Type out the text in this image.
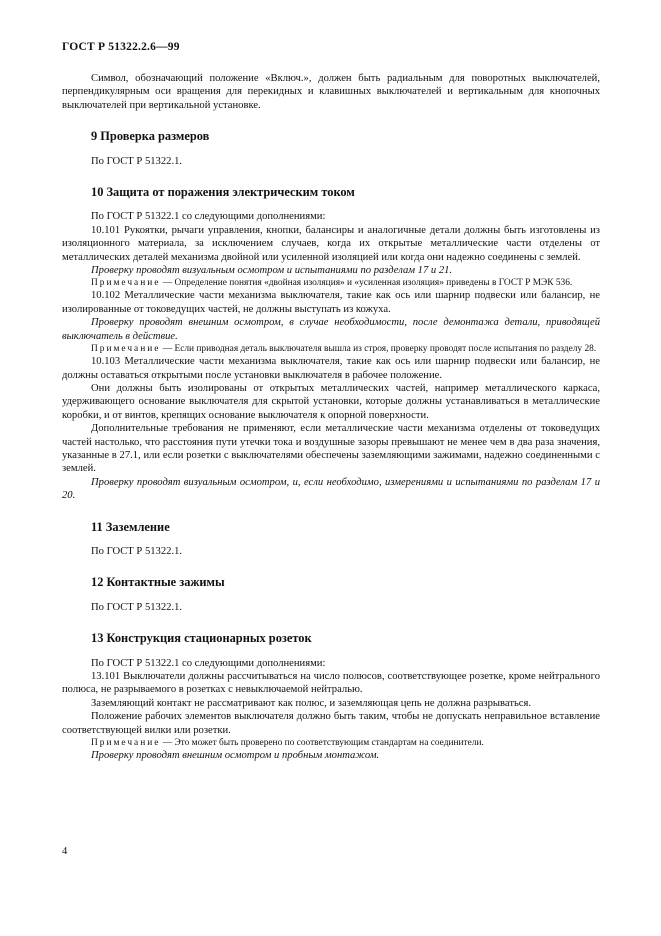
ГОСТ Р 51322.2.6—99

Символ, обозначающий положение «Включ.», должен быть радиальным для поворотных выключателей, перпендикулярным оси вращения для перекидных и клавишных выключателей и вертикальным для кнопочных выключателей при вертикальной установке.

9 Проверка размеров

По ГОСТ Р 51322.1.

10 Защита от поражения электрическим током

По ГОСТ Р 51322.1 со следующими дополнениями:

10.101 Рукоятки, рычаги управления, кнопки, балансиры и аналогичные детали должны быть изготовлены из изоляционного материала, за исключением случаев, когда их открытые металлические части отделены от металлических деталей механизма двойной или усиленной изоляцией или когда они надежно соединены с землей.

Проверку проводят визуальным осмотром и испытаниями по разделам 17 и 21.

Примечание — Определение понятия «двойная изоляция» и «усиленная изоляция» приведены в ГОСТ Р МЭК 536.

10.102 Металлические части механизма выключателя, такие как ось или шарнир подвески или балансир, не изолированные от токоведущих частей, не должны выступать из кожуха.

Проверку проводят внешним осмотром, в случае необходимости, после демонтажа детали, приводящей выключатель в действие.

Примечание — Если приводная деталь выключателя вышла из строя, проверку проводят после испытания по разделу 28.

10.103 Металлические части механизма выключателя, такие как ось или шарнир подвески или балансир, не должны оставаться открытыми после установки выключателя в рабочее положение.

Они должны быть изолированы от открытых металлических частей, например металлического каркаса, удерживающего основание выключателя для скрытой установки, которые должны устанавливаться в металлические коробки, и от винтов, крепящих основание выключателя к опорной поверхности.

Дополнительные требования не применяют, если металлические части механизма отделены от токоведущих частей настолько, что расстояния пути утечки тока и воздушные зазоры превышают не менее чем в два раза значения, указанные в 27.1, или если розетки с выключателями обеспечены заземляющими зажимами, надежно соединенными с землей.

Проверку проводят визуальным осмотром, и, если необходимо, измерениями и испытаниями по разделам 17 и 20.

11 Заземление

По ГОСТ Р 51322.1.

12 Контактные зажимы

По ГОСТ Р 51322.1.

13 Конструкция стационарных розеток

По ГОСТ Р 51322.1 со следующими дополнениями:

13.101 Выключатели должны рассчитываться на число полюсов, соответствующее розетке, кроме нейтрального полюса, не разрываемого в розетках с невыключаемой нейтралью.

Заземляющий контакт не рассматривают как полюс, и заземляющая цепь не должна разрываться.

Положение рабочих элементов выключателя должно быть таким, чтобы не допускать неправильное вставление соответствующей вилки или розетки.

Примечание — Это может быть проверено по соответствующим стандартам на соединители.

Проверку проводят внешним осмотром и пробным монтажом.

4
